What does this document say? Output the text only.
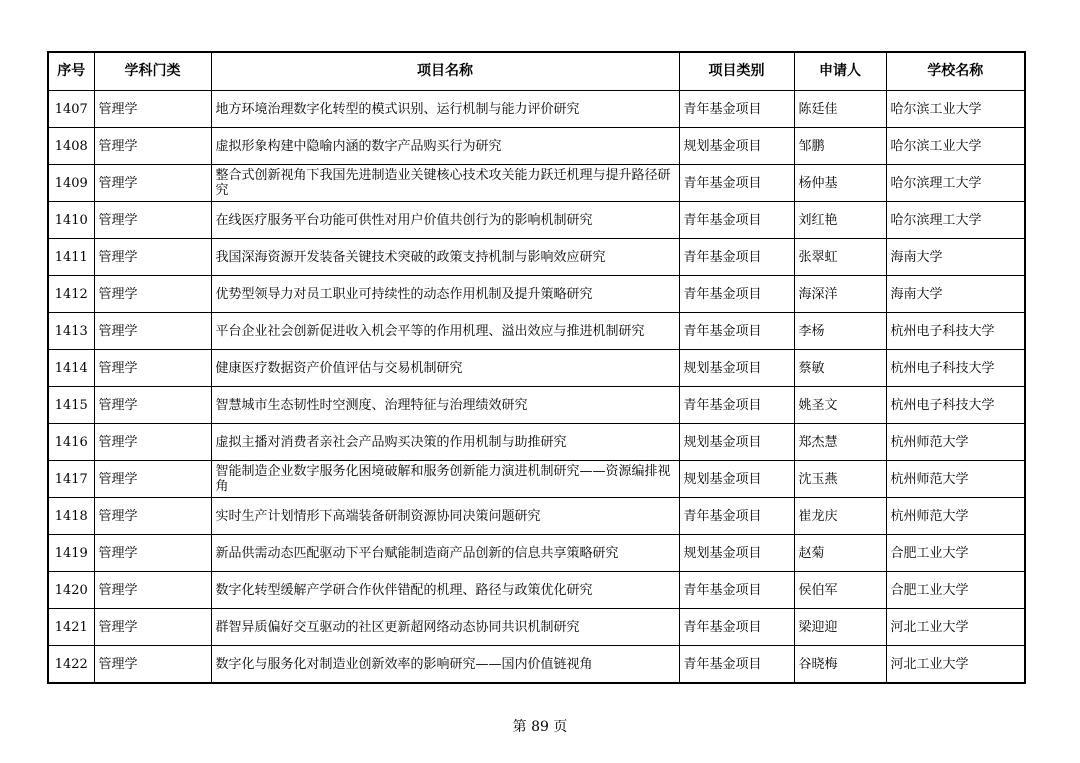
序号	学科门类	项目名称	项目类别	申请人	学校名称
1407	管理学	地方环境治理数字化转型的模式识别、运行机制与能力评价研究	青年基金项目	陈廷佳	哈尔滨工业大学
1408	管理学	虚拟形象构建中隐喻内涵的数字产品购买行为研究	规划基金项目	邹鹏	哈尔滨工业大学
1409	管理学	整合式创新视角下我国先进制造业关键核心技术攻关能力跃迁机理与提升路径研究	青年基金项目	杨仲基	哈尔滨理工大学
1410	管理学	在线医疗服务平台功能可供性对用户价值共创行为的影响机制研究	青年基金项目	刘红艳	哈尔滨理工大学
1411	管理学	我国深海资源开发装备关键技术突破的政策支持机制与影响效应研究	青年基金项目	张翠虹	海南大学
1412	管理学	优势型领导力对员工职业可持续性的动态作用机制及提升策略研究	青年基金项目	海深洋	海南大学
1413	管理学	平台企业社会创新促进收入机会平等的作用机理、溢出效应与推进机制研究	青年基金项目	李杨	杭州电子科技大学
1414	管理学	健康医疗数据资产价值评估与交易机制研究	规划基金项目	蔡敏	杭州电子科技大学
1415	管理学	智慧城市生态韧性时空测度、治理特征与治理绩效研究	青年基金项目	姚圣文	杭州电子科技大学
1416	管理学	虚拟主播对消费者亲社会产品购买决策的作用机制与助推研究	规划基金项目	郑杰慧	杭州师范大学
1417	管理学	智能制造企业数字服务化困境破解和服务创新能力演进机制研究——资源编排视角	规划基金项目	沈玉燕	杭州师范大学
1418	管理学	实时生产计划情形下高端装备研制资源协同决策问题研究	青年基金项目	崔龙庆	杭州师范大学
1419	管理学	新品供需动态匹配驱动下平台赋能制造商产品创新的信息共享策略研究	规划基金项目	赵菊	合肥工业大学
1420	管理学	数字化转型缓解产学研合作伙伴错配的机理、路径与政策优化研究	青年基金项目	侯伯军	合肥工业大学
1421	管理学	群智异质偏好交互驱动的社区更新超网络动态协同共识机制研究	青年基金项目	梁迎迎	河北工业大学
1422	管理学	数字化与服务化对制造业创新效率的影响研究——国内价值链视角	青年基金项目	谷晓梅	河北工业大学
第 89 页
